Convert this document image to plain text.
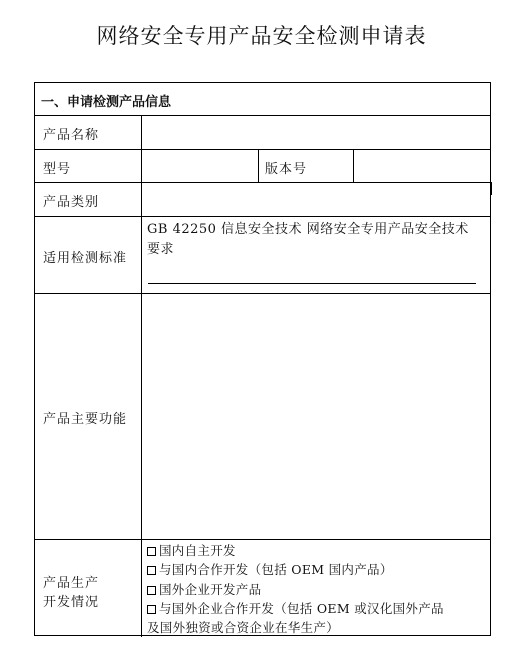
网络安全专用产品安全检测申请表
一、申请检测产品信息
产品名称
型号	版本号
产品类别
适用检测标准
产品主要功能
产品生产
开发情况
GB 42250 信息安全技术 网络安全专用产品安全技术要求
国内自主开发
与国内合作开发（包括 OEM 国内产品）
国外企业开发产品
与国外企业合作开发（包括 OEM 或汉化国外产品
及国外独资或合资企业在华生产）
